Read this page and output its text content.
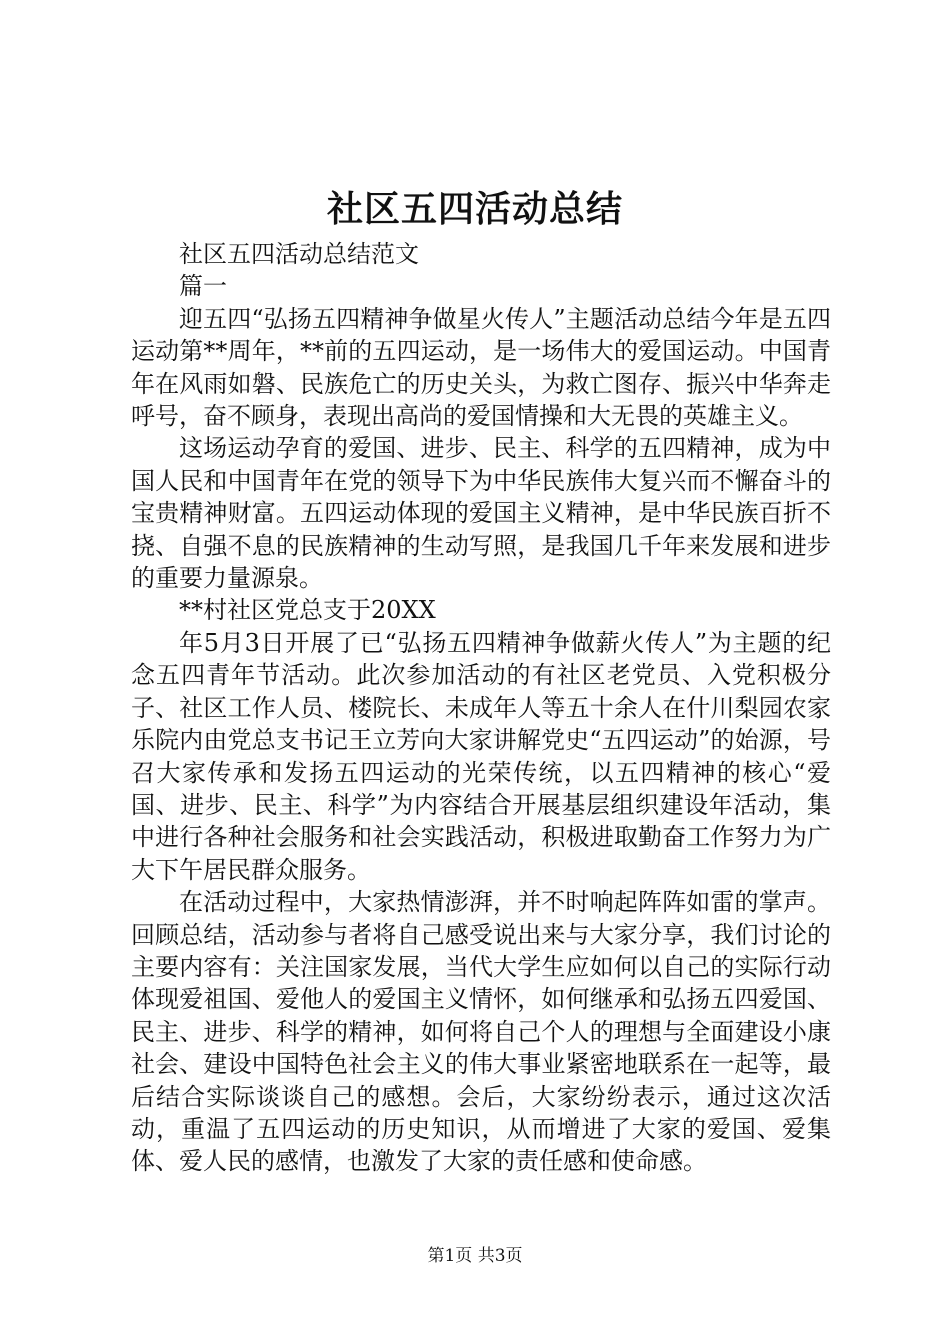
社区五四活动总结

社区五四活动总结范文

篇一

迎五四“弘扬五四精神争做星火传人”主题活动总结今年是五四运动第**周年，**前的五四运动，是一场伟大的爱国运动。中国青年在风雨如磐、民族危亡的历史关头，为救亡图存、振兴中华奔走呼号，奋不顾身，表现出高尚的爱国情操和大无畏的英雄主义。

这场运动孕育的爱国、进步、民主、科学的五四精神，成为中国人民和中国青年在党的领导下为中华民族伟大复兴而不懈奋斗的宝贵精神财富。五四运动体现的爱国主义精神，是中华民族百折不挠、自强不息的民族精神的生动写照，是我国几千年来发展和进步的重要力量源泉。

**村社区党总支于20XX

年5月3日开展了已“弘扬五四精神争做薪火传人”为主题的纪念五四青年节活动。此次参加活动的有社区老党员、入党积极分子、社区工作人员、楼院长、未成年人等五十余人在什川梨园农家乐院内由党总支书记王立芳向大家讲解党史“五四运动”的始源，号召大家传承和发扬五四运动的光荣传统，以五四精神的核心“爱国、进步、民主、科学”为内容结合开展基层组织建设年活动，集中进行各种社会服务和社会实践活动，积极进取勤奋工作努力为广大下午居民群众服务。

在活动过程中，大家热情澎湃，并不时响起阵阵如雷的掌声。回顾总结，活动参与者将自己感受说出来与大家分享，我们讨论的主要内容有：关注国家发展，当代大学生应如何以自己的实际行动体现爱祖国、爱他人的爱国主义情怀，如何继承和弘扬五四爱国、民主、进步、科学的精神，如何将自己个人的理想与全面建设小康社会、建设中国特色社会主义的伟大事业紧密地联系在一起等，最后结合实际谈谈自己的感想。会后，大家纷纷表示，通过这次活动，重温了五四运动的历史知识，从而增进了大家的爱国、爱集体、爱人民的感情，也激发了大家的责任感和使命感。

第1页 共3页
